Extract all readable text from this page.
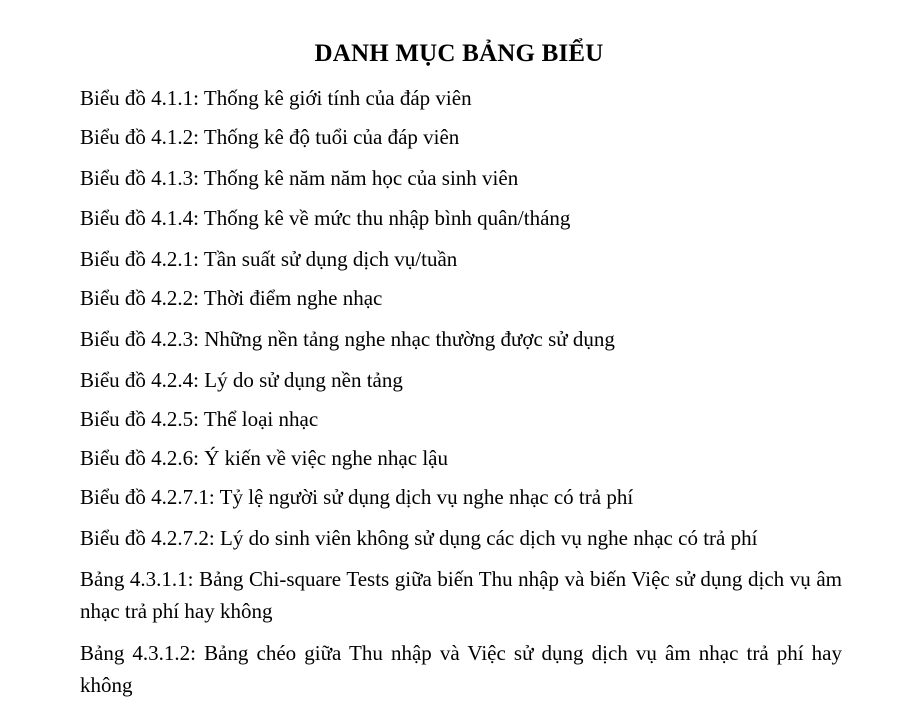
DANH MỤC BẢNG BIỂU
Biểu đồ 4.1.1: Thống kê giới tính của đáp viên
Biểu đồ 4.1.2: Thống kê độ tuổi của đáp viên
Biểu đồ 4.1.3: Thống kê năm năm học của sinh viên
Biểu đồ 4.1.4: Thống kê về mức thu nhập bình quân/tháng
Biểu đồ 4.2.1: Tần suất sử dụng dịch vụ/tuần
Biểu đồ 4.2.2: Thời điểm nghe nhạc
Biểu đồ 4.2.3: Những nền tảng nghe nhạc thường được sử dụng
Biểu đồ 4.2.4: Lý do sử dụng nền tảng
Biểu đồ 4.2.5: Thể loại nhạc
Biểu đồ 4.2.6: Ý kiến về việc nghe nhạc lậu
Biểu đồ 4.2.7.1: Tỷ lệ người sử dụng dịch vụ nghe nhạc có trả phí
Biểu đồ 4.2.7.2: Lý do sinh viên không sử dụng các dịch vụ nghe nhạc có trả phí
Bảng 4.3.1.1: Bảng Chi-square Tests giữa biến Thu nhập và biến Việc sử dụng dịch vụ âm nhạc trả phí hay không
Bảng 4.3.1.2: Bảng chéo giữa Thu nhập và Việc sử dụng dịch vụ âm nhạc trả phí hay không
